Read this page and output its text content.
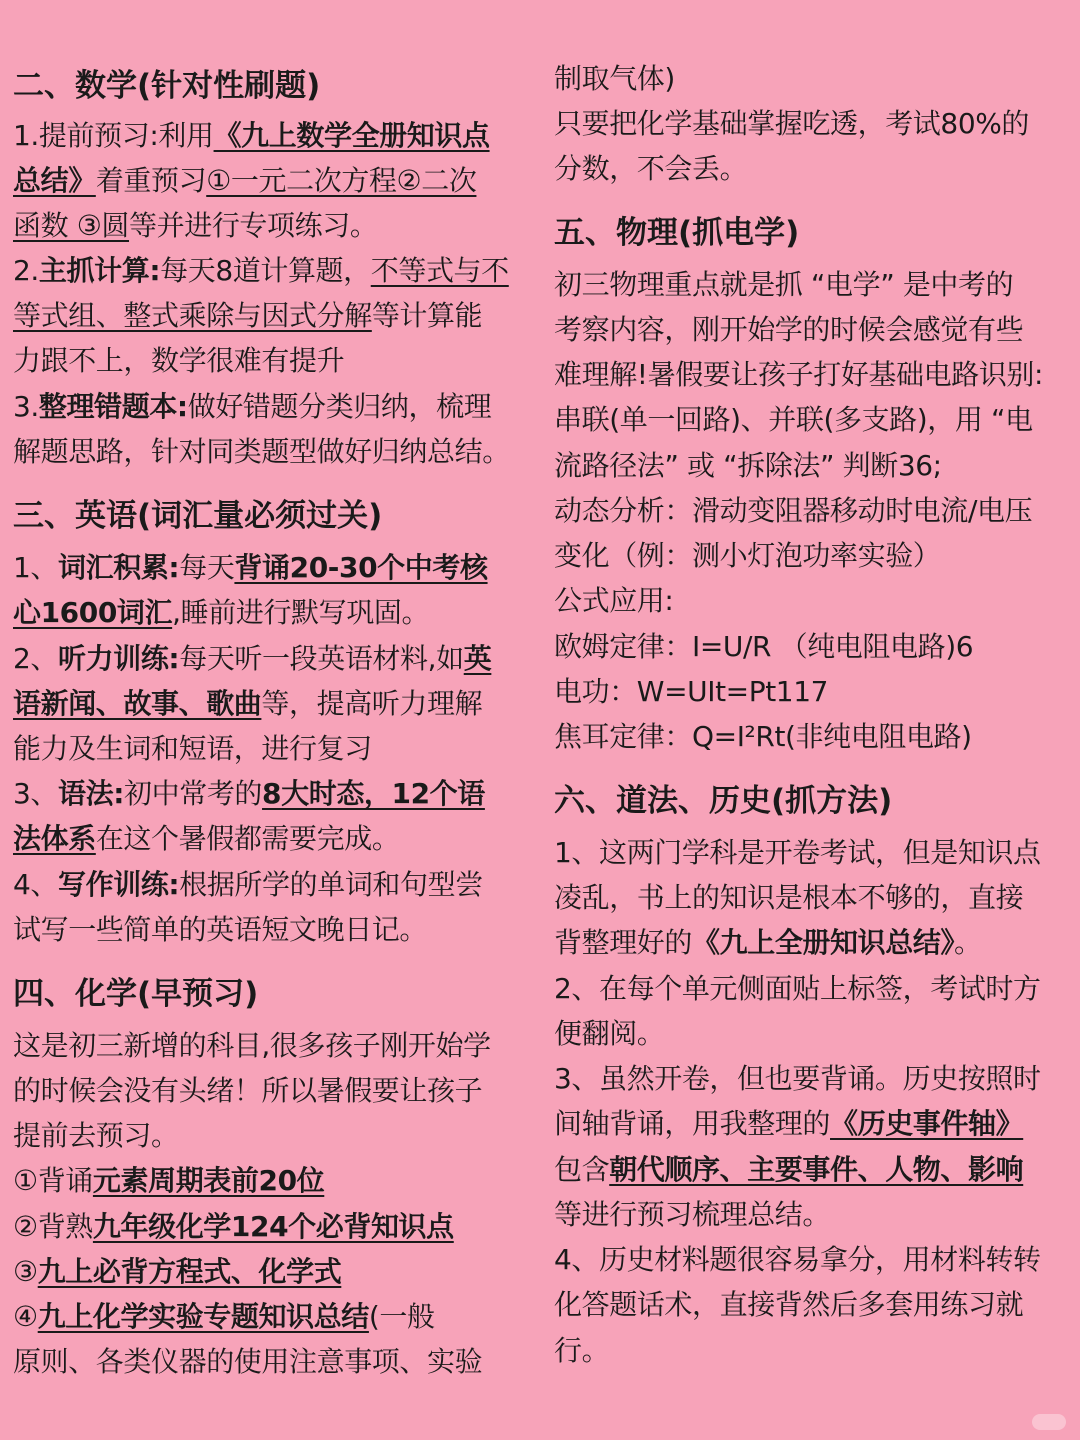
二、数学(针对性刷题)
1.提前预习:利用《九上数学全册知识点
总结》着重预习①一元二次方程②二次
函数 ③圆等并进行专项练习。
2.主抓计算:每天8道计算题，不等式与不
等式组、整式乘除与因式分解等计算能
力跟不上，数学很难有提升
3.整理错题本:做好错题分类归纳，梳理
解题思路，针对同类题型做好归纳总结。
三、英语(词汇量必须过关)
1、词汇积累:每天背诵20-30个中考核
心1600词汇,睡前进行默写巩固。
2、听力训练:每天听一段英语材料,如英
语新闻、故事、歌曲等，提高听力理解
能力及生词和短语，进行复习
3、语法:初中常考的8大时态，12个语
法体系在这个暑假都需要完成。
4、写作训练:根据所学的单词和句型尝
试写一些简单的英语短文晚日记。
四、化学(早预习)
这是初三新增的科目,很多孩子刚开始学
的时候会没有头绪！所以暑假要让孩子
提前去预习。
①背诵元素周期表前20位
②背熟九年级化学124个必背知识点
③九上必背方程式、化学式
④九上化学实验专题知识总结(一般
原则、各类仪器的使用注意事项、实验
制取气体)
只要把化学基础掌握吃透，考试80%的
分数，不会丢。
五、物理(抓电学)
初三物理重点就是抓 “电学” 是中考的
考察内容，刚开始学的时候会感觉有些
难理解!暑假要让孩子打好基础电路识别:
串联(单一回路)、并联(多支路)，用 “电
流路径法” 或 “拆除法” 判断36;
动态分析：滑动变阻器移动时电流/电压
变化（例：测小灯泡功率实验）
公式应用:
欧姆定律：I=U/R （纯电阻电路)6
电功：W=UIt=Pt117
焦耳定律：Q=I²Rt(非纯电阻电路)
六、道法、历史(抓方法)
1、这两门学科是开卷考试，但是知识点
凌乱，书上的知识是根本不够的，直接
背整理好的《九上全册知识总结》。
2、在每个单元侧面贴上标签，考试时方
便翻阅。
3、虽然开卷，但也要背诵。历史按照时
间轴背诵，用我整理的《历史事件轴》
包含朝代顺序、主要事件、人物、影响
等进行预习梳理总结。
4、历史材料题很容易拿分，用材料转转
化答题话术，直接背然后多套用练习就
行。
